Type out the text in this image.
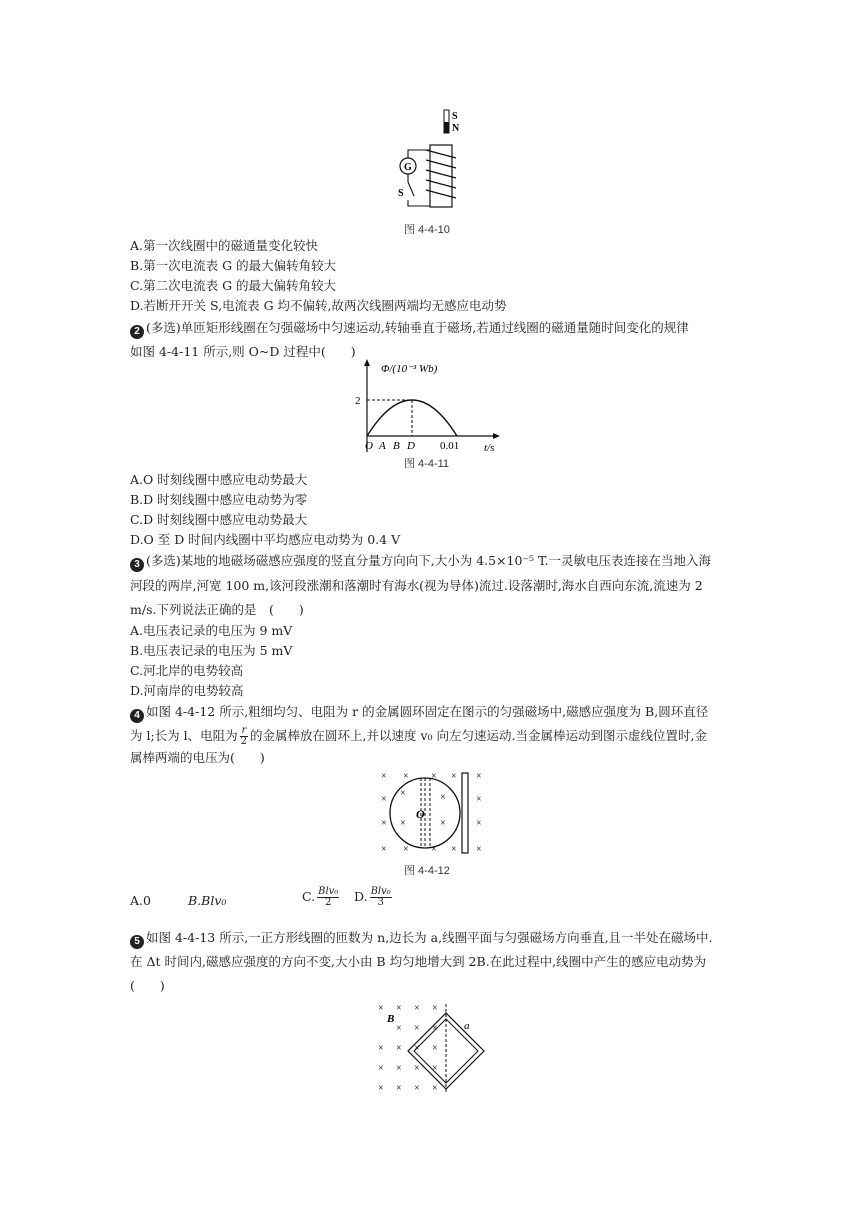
S
N
G
S
图 4-4-10
A.第一次线圈中的磁通量变化较快
B.第一次电流表 G 的最大偏转角较大
C.第二次电流表 G 的最大偏转角较大
D.若断开开关 S,电流表 G 均不偏转,故两次线圈两端均无感应电动势
2 (多选)单匝矩形线圈在匀强磁场中匀速运动,转轴垂直于磁场,若通过线圈的磁通量随时间变化的规律
如图 4-4-11 所示,则 O~D 过程中(　　)
Φ/(10⁻³ Wb)
2
O A B D 0.01 t/s
图 4-4-11
A.O 时刻线圈中感应电动势最大
B.D 时刻线圈中感应电动势为零
C.D 时刻线圈中感应电动势最大
D.O 至 D 时间内线圈中平均感应电动势为 0.4 V
3 (多选)某地的地磁场磁感应强度的竖直分量方向向下,大小为 4.5×10⁻⁵ T.一灵敏电压表连接在当地入海
河段的两岸,河宽 100 m,该河段涨潮和落潮时有海水(视为导体)流过.设落潮时,海水自西向东流,流速为 2
m/s.下列说法正确的是　(　　)
A.电压表记录的电压为 9 mV
B.电压表记录的电压为 5 mV
C.河北岸的电势较高
D.河南岸的电势较高
4 如图 4-4-12 所示,粗细均匀、电阻为 r 的金属圆环固定在图示的匀强磁场中,磁感应强度为 B,圆环直径
为 l;长为 l、电阻为 $\frac{r}{2}$ 的金属棒放在圆环上,并以速度 v₀ 向左匀速运动.当金属棒运动到图示虚线位置时,金
属棒两端的电压为(　　)
×
×
×
×
×
×
×
×
×	×
×	×
×
×
×
×
×
×
O
图 4-4-12
A.0	B.Blv₀	C. $\frac{\text{Blv₀}}{2} D$. $\frac{\text{Blv₀}}{3}$
5 如图 4-4-13 所示,一正方形线圈的匝数为 n,边长为 a,线圈平面与匀强磁场方向垂直,且一半处在磁场中.
在 Δt 时间内,磁感应强度的方向不变,大小由 B 均匀地增大到 2B.在此过程中,线圈中产生的感应电动势为
(　　)
× × × ×
× × ×
× × × ×
× × × ×
× × × ×
B
a
